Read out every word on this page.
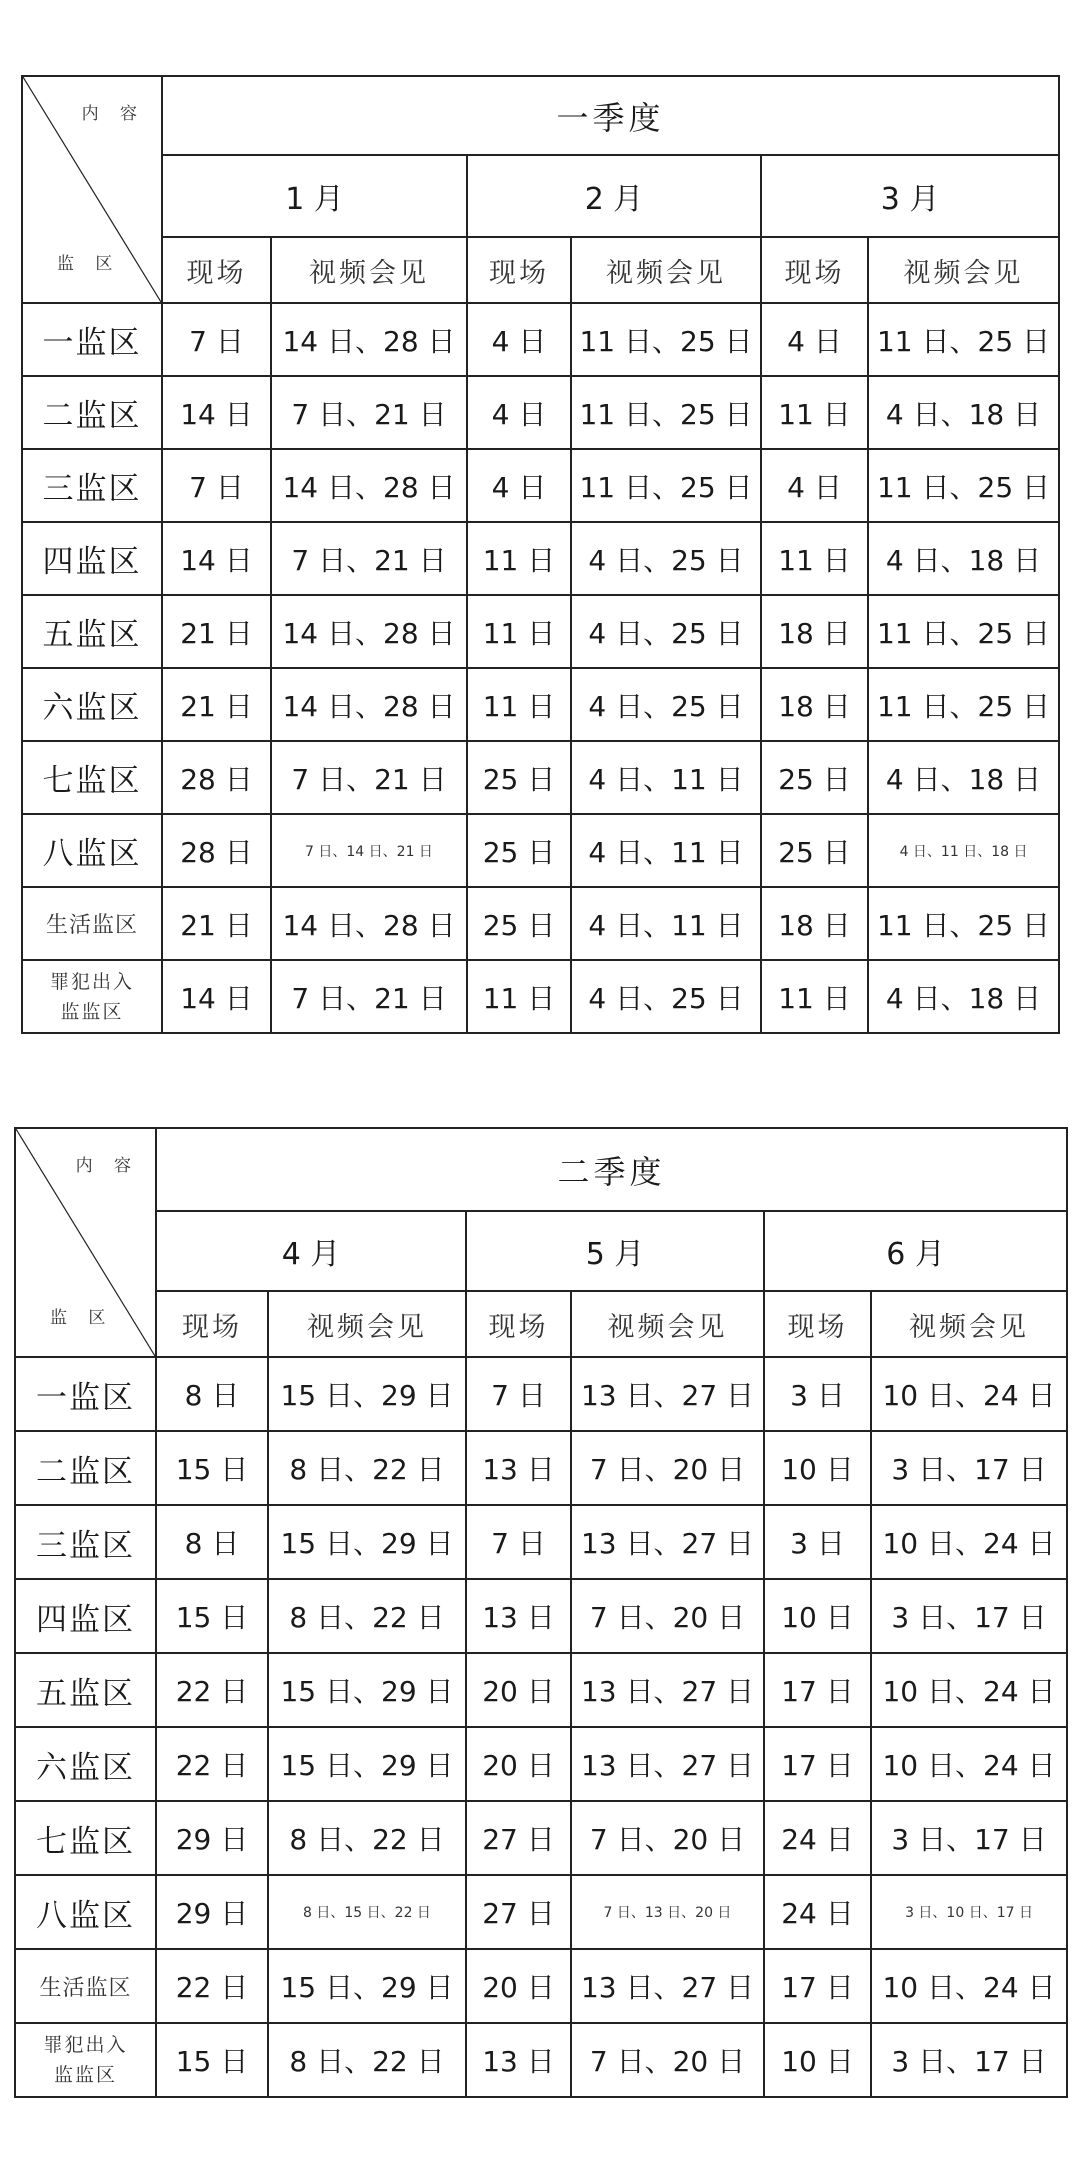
内 容
监 区	一季度					
	1 月		2 月		3 月	
	现场	视频会见	现场	视频会见	现场	视频会见
一监区	7 日	14 日、28 日	4 日	11 日、25 日	4 日	11 日、25 日
二监区	14 日	7 日、21 日	4 日	11 日、25 日	11 日	4 日、18 日
三监区	7 日	14 日、28 日	4 日	11 日、25 日	4 日	11 日、25 日
四监区	14 日	7 日、21 日	11 日	4 日、25 日	11 日	4 日、18 日
五监区	21 日	14 日、28 日	11 日	4 日、25 日	18 日	11 日、25 日
六监区	21 日	14 日、28 日	11 日	4 日、25 日	18 日	11 日、25 日
七监区	28 日	7 日、21 日	25 日	4 日、11 日	25 日	4 日、18 日
八监区	28 日	7 日、14 日、21 日	25 日	4 日、11 日	25 日	4 日、11 日、18 日
生活监区	21 日	14 日、28 日	25 日	4 日、11 日	18 日	11 日、25 日

罪犯出入
监监区	14 日	7 日、21 日	11 日	4 日、25 日	11 日	4 日、18 日
内 容
监 区	二季度					
	4 月		5 月		6 月	
	现场	视频会见	现场	视频会见	现场	视频会见
一监区	8 日	15 日、29 日	7 日	13 日、27 日	3 日	10 日、24 日
二监区	15 日	8 日、22 日	13 日	7 日、20 日	10 日	3 日、17 日
三监区	8 日	15 日、29 日	7 日	13 日、27 日	3 日	10 日、24 日
四监区	15 日	8 日、22 日	13 日	7 日、20 日	10 日	3 日、17 日
五监区	22 日	15 日、29 日	20 日	13 日、27 日	17 日	10 日、24 日
六监区	22 日	15 日、29 日	20 日	13 日、27 日	17 日	10 日、24 日
七监区	29 日	8 日、22 日	27 日	7 日、20 日	24 日	3 日、17 日
八监区	29 日	8 日、15 日、22 日	27 日	7 日、13 日、20 日	24 日	3 日、10 日、17 日
生活监区	22 日	15 日、29 日	20 日	13 日、27 日	17 日	10 日、24 日

罪犯出入
监监区	15 日	8 日、22 日	13 日	7 日、20 日	10 日	3 日、17 日
